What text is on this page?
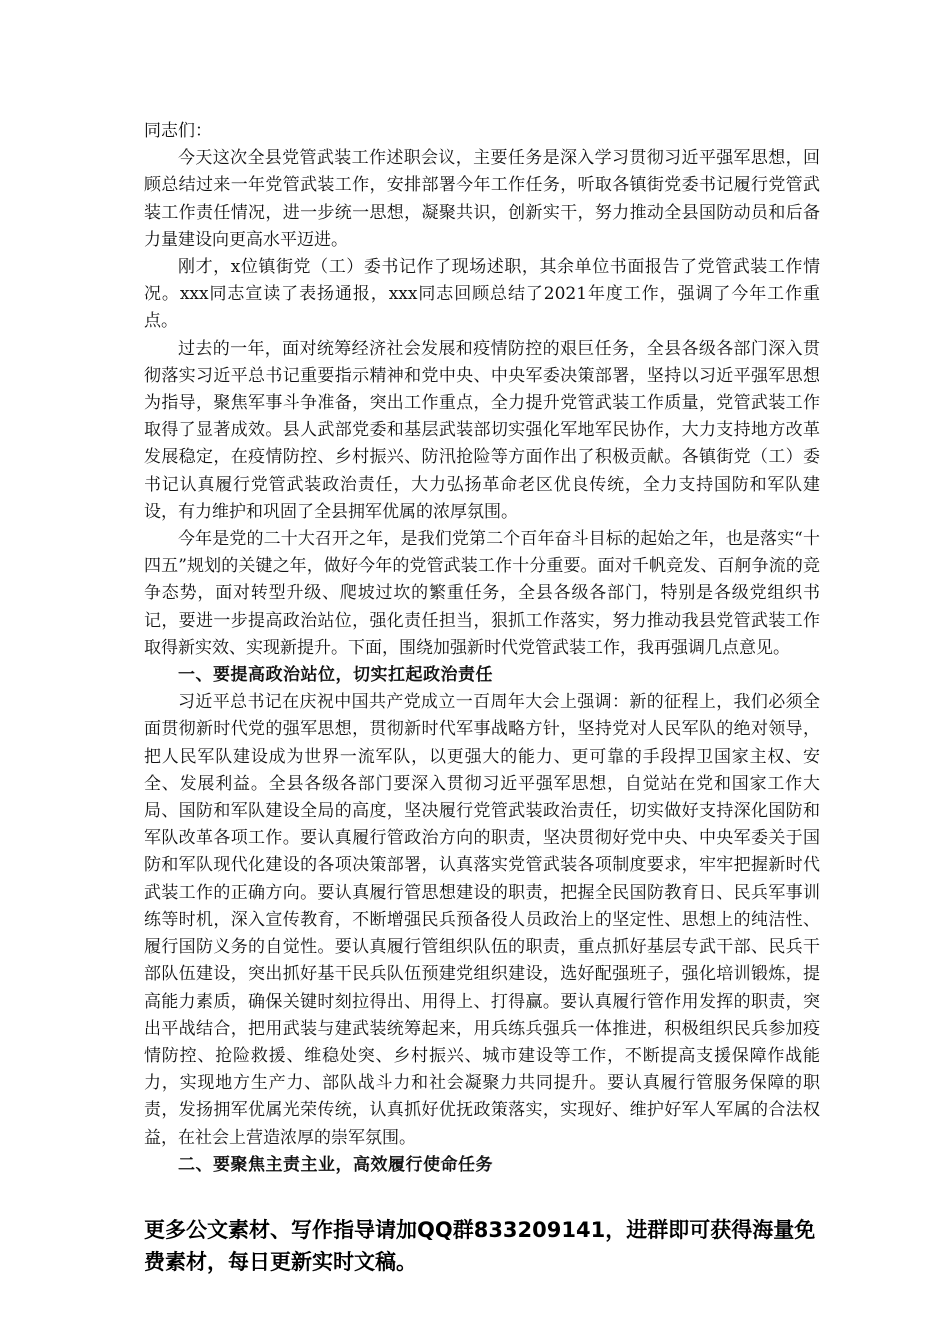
同志们：

今天这次全县党管武装工作述职会议，主要任务是深入学习贯彻习近平强军思想，回顾总结过来一年党管武装工作，安排部署今年工作任务，听取各镇街党委书记履行党管武装工作责任情况，进一步统一思想，凝聚共识，创新实干，努力推动全县国防动员和后备力量建设向更高水平迈进。

刚才，x位镇街党（工）委书记作了现场述职，其余单位书面报告了党管武装工作情况。xxx同志宣读了表扬通报，xxx同志回顾总结了2021年度工作，强调了今年工作重点。

过去的一年，面对统筹经济社会发展和疫情防控的艰巨任务，全县各级各部门深入贯彻落实习近平总书记重要指示精神和党中央、中央军委决策部署，坚持以习近平强军思想为指导，聚焦军事斗争准备，突出工作重点，全力提升党管武装工作质量，党管武装工作取得了显著成效。县人武部党委和基层武装部切实强化军地军民协作，大力支持地方改革发展稳定，在疫情防控、乡村振兴、防汛抢险等方面作出了积极贡献。各镇街党（工）委书记认真履行党管武装政治责任，大力弘扬革命老区优良传统，全力支持国防和军队建设，有力维护和巩固了全县拥军优属的浓厚氛围。

今年是党的二十大召开之年，是我们党第二个百年奋斗目标的起始之年，也是落实“十四五”规划的关键之年，做好今年的党管武装工作十分重要。面对千帆竞发、百舸争流的竞争态势，面对转型升级、爬坡过坎的繁重任务，全县各级各部门，特别是各级党组织书记，要进一步提高政治站位，强化责任担当，狠抓工作落实，努力推动我县党管武装工作取得新实效、实现新提升。下面，围绕加强新时代党管武装工作，我再强调几点意见。

一、要提高政治站位，切实扛起政治责任

习近平总书记在庆祝中国共产党成立一百周年大会上强调：新的征程上，我们必须全面贯彻新时代党的强军思想，贯彻新时代军事战略方针，坚持党对人民军队的绝对领导，把人民军队建设成为世界一流军队，以更强大的能力、更可靠的手段捍卫国家主权、安全、发展利益。全县各级各部门要深入贯彻习近平强军思想，自觉站在党和国家工作大局、国防和军队建设全局的高度，坚决履行党管武装政治责任，切实做好支持深化国防和军队改革各项工作。要认真履行管政治方向的职责，坚决贯彻好党中央、中央军委关于国防和军队现代化建设的各项决策部署，认真落实党管武装各项制度要求，牢牢把握新时代武装工作的正确方向。要认真履行管思想建设的职责，把握全民国防教育日、民兵军事训练等时机，深入宣传教育，不断增强民兵预备役人员政治上的坚定性、思想上的纯洁性、履行国防义务的自觉性。要认真履行管组织队伍的职责，重点抓好基层专武干部、民兵干部队伍建设，突出抓好基干民兵队伍预建党组织建设，选好配强班子，强化培训锻炼，提高能力素质，确保关键时刻拉得出、用得上、打得赢。要认真履行管作用发挥的职责，突出平战结合，把用武装与建武装统筹起来，用兵练兵强兵一体推进，积极组织民兵参加疫情防控、抢险救援、维稳处突、乡村振兴、城市建设等工作，不断提高支援保障作战能力，实现地方生产力、部队战斗力和社会凝聚力共同提升。要认真履行管服务保障的职责，发扬拥军优属光荣传统，认真抓好优抚政策落实，实现好、维护好军人军属的合法权益，在社会上营造浓厚的崇军氛围。

二、要聚焦主责主业，高效履行使命任务

更多公文素材、写作指导请加QQ群833209141，进群即可获得海量免费素材，每日更新实时文稿。
